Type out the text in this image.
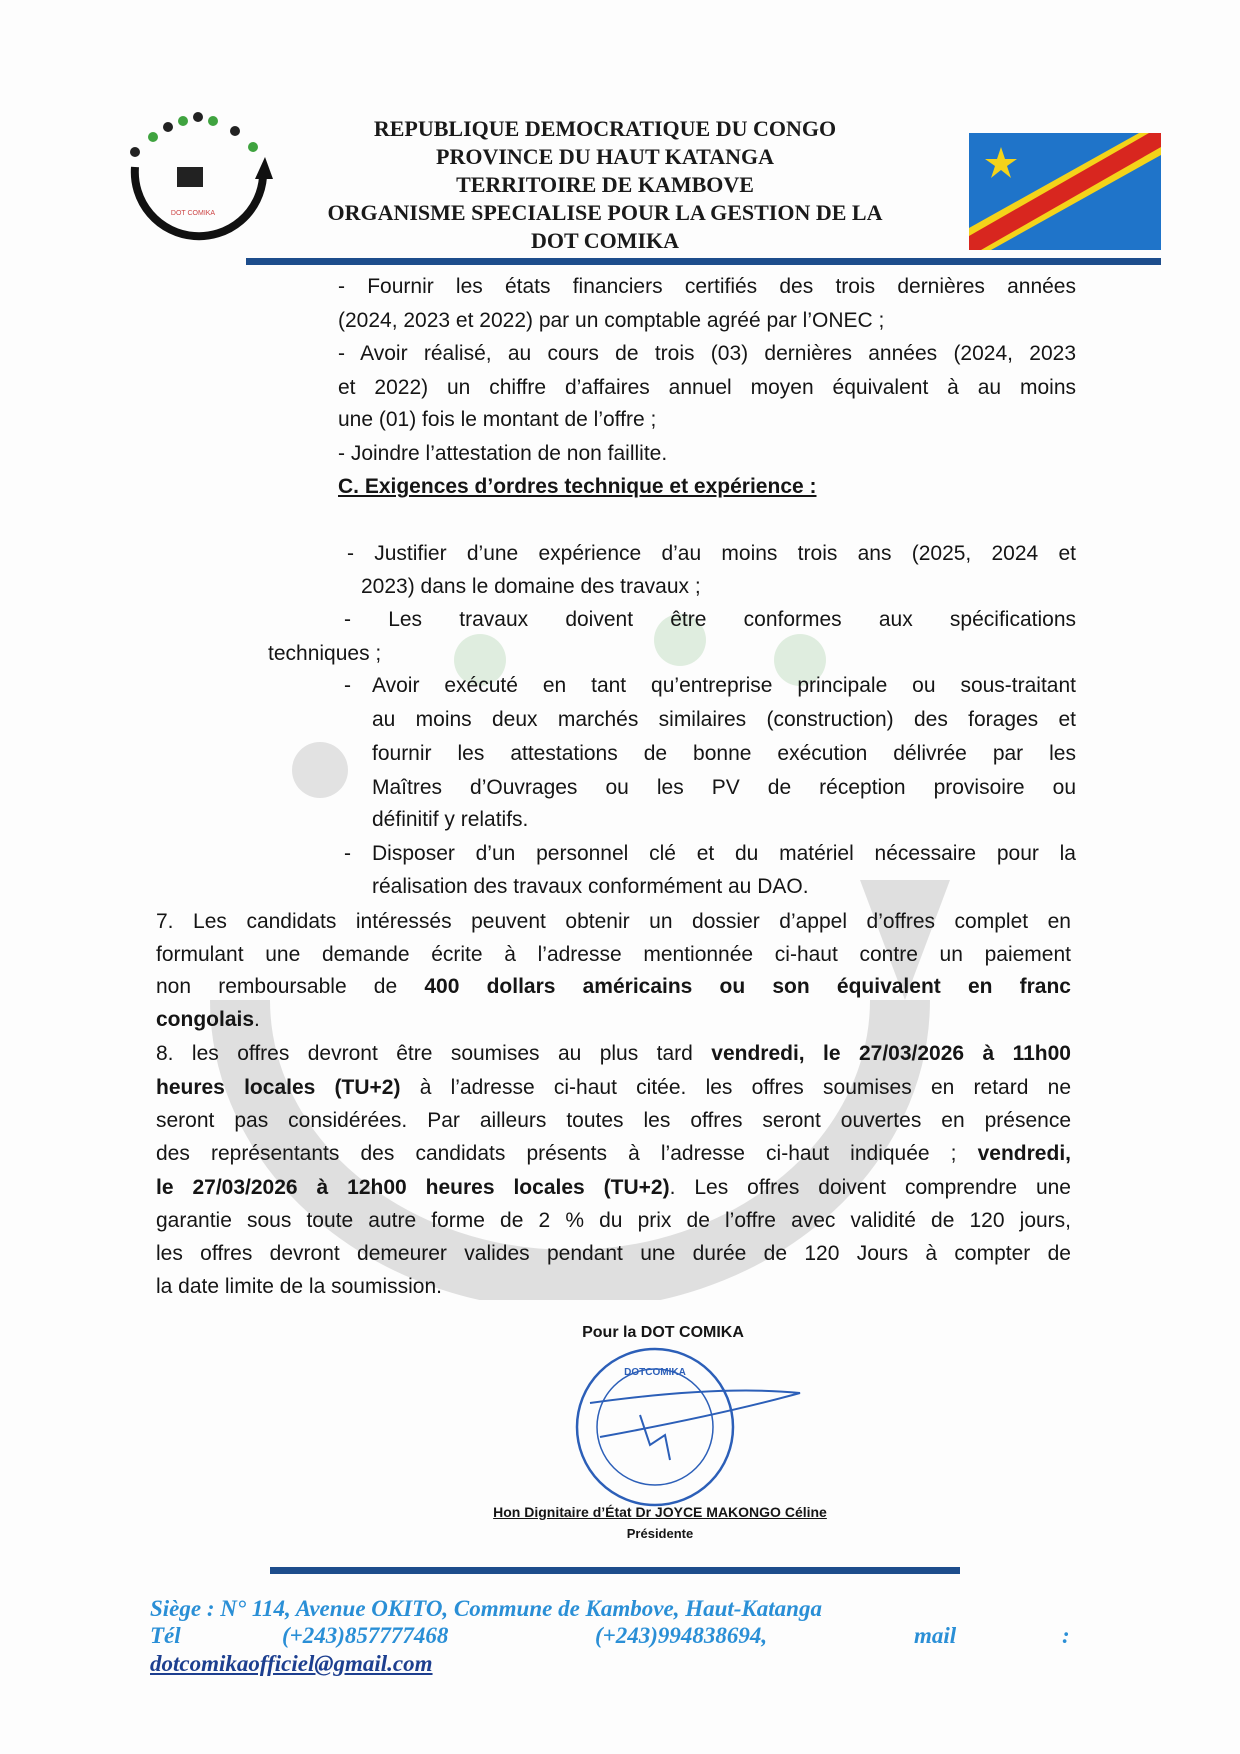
DOT COMIKA
REPUBLIQUE DEMOCRATIQUE DU CONGO
PROVINCE DU HAUT KATANGA
TERRITOIRE DE KAMBOVE
ORGANISME SPECIALISE POUR LA GESTION DE LA
DOT COMIKA
- Fournir les états financiers certifiés des trois dernières années
(2024, 2023 et 2022) par un comptable agréé par l’ONEC ;
- Avoir réalisé, au cours de trois (03) dernières années (2024, 2023
et 2022) un chiffre d’affaires annuel moyen équivalent à au moins
une (01) fois le montant de l’offre ;
- Joindre l’attestation de non faillite.
C. Exigences d’ordres technique et expérience :
- Justifier d’une expérience d’au moins trois ans (2025, 2024 et
2023) dans le domaine des travaux ;
- Les travaux doivent être conformes aux spécifications
techniques ;
- Avoir exécuté en tant qu’entreprise principale ou sous-traitant
au moins deux marchés similaires (construction) des forages et
fournir les attestations de bonne exécution délivrée par les
Maîtres d’Ouvrages ou les PV de réception provisoire ou
définitif y relatifs.
- Disposer d’un personnel clé et du matériel nécessaire pour la
réalisation des travaux conformément au DAO.
7. Les candidats intéressés peuvent obtenir un dossier d’appel d’offres complet en
formulant une demande écrite à l’adresse mentionnée ci-haut contre un paiement
non remboursable de 400 dollars américains ou son équivalent en franc
congolais.
8. les offres devront être soumises au plus tard vendredi, le 27/03/2026 à 11h00
heures locales (TU+2) à l’adresse ci-haut citée. les offres soumises en retard ne
seront pas considérées. Par ailleurs toutes les offres seront ouvertes en présence
des représentants des candidats présents à l’adresse ci-haut indiquée ; vendredi,
le 27/03/2026 à 12h00 heures locales (TU+2). Les offres doivent comprendre une
garantie sous toute autre forme de 2 % du prix de l’offre avec validité de 120 jours,
les offres devront demeurer valides pendant une durée de 120 Jours à compter de
la date limite de la soumission.
Pour la DOT COMIKA
DOTCOMIKA
Hon Dignitaire d’État Dr JOYCE MAKONGO Céline
Présidente
Siège : N° 114, Avenue OKITO, Commune de Kambove, Haut-Katanga
Tél	(+243)857777468	(+243)994838694,	mail	:
dotcomikaofficiel@gmail.com
